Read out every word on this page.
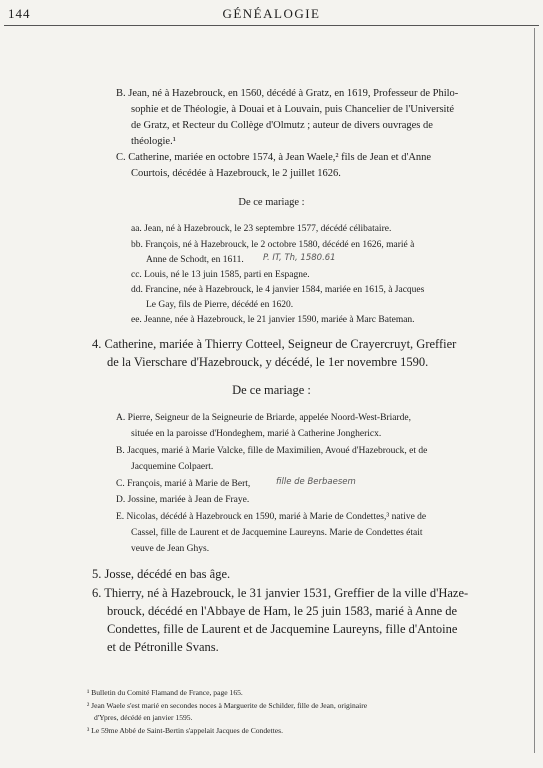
144	GÉNÉALOGIE
B. Jean, né à Hazebrouck, en 1560, décédé à Gratz, en 1619, Professeur de Philo-
sophie et de Théologie, à Douai et à Louvain, puis Chancelier de l'Université
de Gratz, et Recteur du Collège d'Olmutz ; auteur de divers ouvrages de
théologie.¹
C. Catherine, mariée en octobre 1574, à Jean Waele,² fils de Jean et d'Anne
Courtois, décédée à Hazebrouck, le 2 juillet 1626.
De ce mariage :
aa. Jean, né à Hazebrouck, le 23 septembre 1577, décédé célibataire.
bb. François, né à Hazebrouck, le 2 octobre 1580, décédé en 1626, marié à
Anne de Schodt, en 1611. P. IT, Th, 1580.61
cc. Louis, né le 13 juin 1585, parti en Espagne.
dd. Francine, née à Hazebrouck, le 4 janvier 1584, mariée en 1615, à Jacques
Le Gay, fils de Pierre, décédé en 1620.
ee. Jeanne, née à Hazebrouck, le 21 janvier 1590, mariée à Marc Bateman.
4. Catherine, mariée à Thierry Cotteel, Seigneur de Crayercruyt, Greffier
de la Vierschare d'Hazebrouck, y décédé, le 1er novembre 1590.
De ce mariage :
A. Pierre, Seigneur de la Seigneurie de Briarde, appelée Noord-West-Briarde,
située en la paroisse d'Hondeghem, marié à Catherine Jonghericx.
B. Jacques, marié à Marie Valcke, fille de Maximilien, Avoué d'Hazebrouck, et de
Jacquemine Colpaert.
C. François, marié à Marie de Bert,	fille de Berbaesem
D. Jossine, mariée à Jean de Fraye.
E. Nicolas, décédé à Hazebrouck en 1590, marié à Marie de Condettes,³ native de
Cassel, fille de Laurent et de Jacquemine Laureyns. Marie de Condettes était
veuve de Jean Ghys.
5. Josse, décédé en bas âge.
6. Thierry, né à Hazebrouck, le 31 janvier 1531, Greffier de la ville d'Haze-
brouck, décédé en l'Abbaye de Ham, le 25 juin 1583, marié à Anne de
Condettes, fille de Laurent et de Jacquemine Laureyns, fille d'Antoine
et de Pétronille Svans.
¹ Bulletin du Comité Flamand de France, page 165.
² Jean Waele s'est marié en secondes noces à Marguerite de Schilder, fille de Jean, originaire
d'Ypres, décédé en janvier 1595.
³ Le 59me Abbé de Saint-Bertin s'appelait Jacques de Condettes.
